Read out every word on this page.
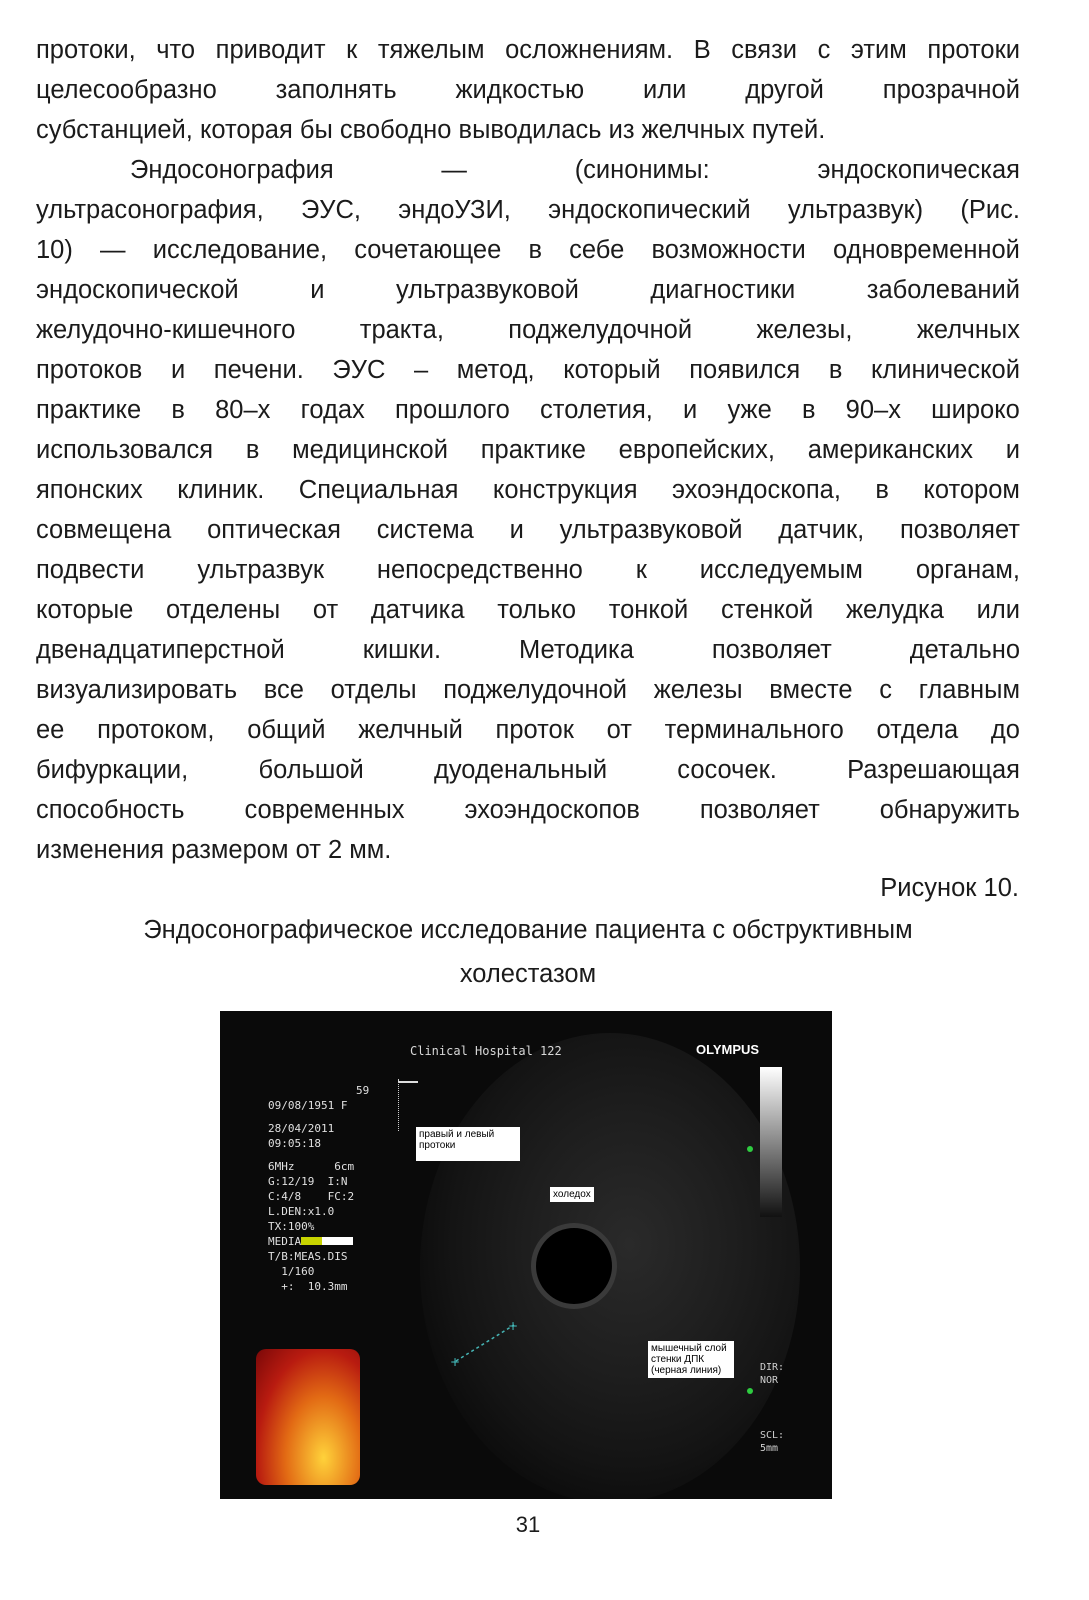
протоки, что приводит к тяжелым осложнениям. В связи с этим протоки
целесообразно заполнять жидкостью или другой прозрачной
субстанцией, которая бы свободно выводилась из желчных путей.
Эндосонография	—	(синонимы:	эндоскопическая
ультрасонография, ЭУС, эндоУЗИ, эндоскопический ультразвук) (Рис.
10) — исследование, сочетающее в себе возможности одновременной
эндоскопической	и	ультразвуковой	диагностики	заболеваний
желудочно-кишечного	тракта,	поджелудочной	железы,	желчных
протоков и печени. ЭУС – метод, который появился в клинической
практике в 80–х годах прошлого столетия, и уже в 90–х широко
использовался в медицинской практике европейских, американских и
японских клиник. Специальная конструкция эхоэндоскопа, в котором
совмещена оптическая система и ультразвуковой датчик, позволяет
подвести ультразвук непосредственно к исследуемым органам,
которые отделены от датчика только тонкой стенкой желудка или
двенадцатиперстной	кишки.	Методика	позволяет	детально
визуализировать все отделы поджелудочной железы вместе с главным
ее протоком, общий желчный проток от терминального отдела до
бифуркации,	большой	дуоденальный	сосочек.	Разрешающая
способность современных эхоэндоскопов позволяет обнаружить
изменения размером от 2 мм.
Рисунок 10.
Эндосонографическое исследование пациента с обструктивным
холестазом
Clinical Hospital 122	OLYMPUS
59
09/08/1951 F
28/04/2011
09:05:18
6MHz      6cm
G:12/19  I:N
C:4/8    FC:2
L.DEN:x1.0
TX:100%
MEDIA
T/B:MEAS.DIS
1/160
+:  10.3mm
DIR:
NOR
SCL:
5mm
правый и левый протоки
холедох
мышечный слой стенки ДПК (черная линия)
+
+
31
